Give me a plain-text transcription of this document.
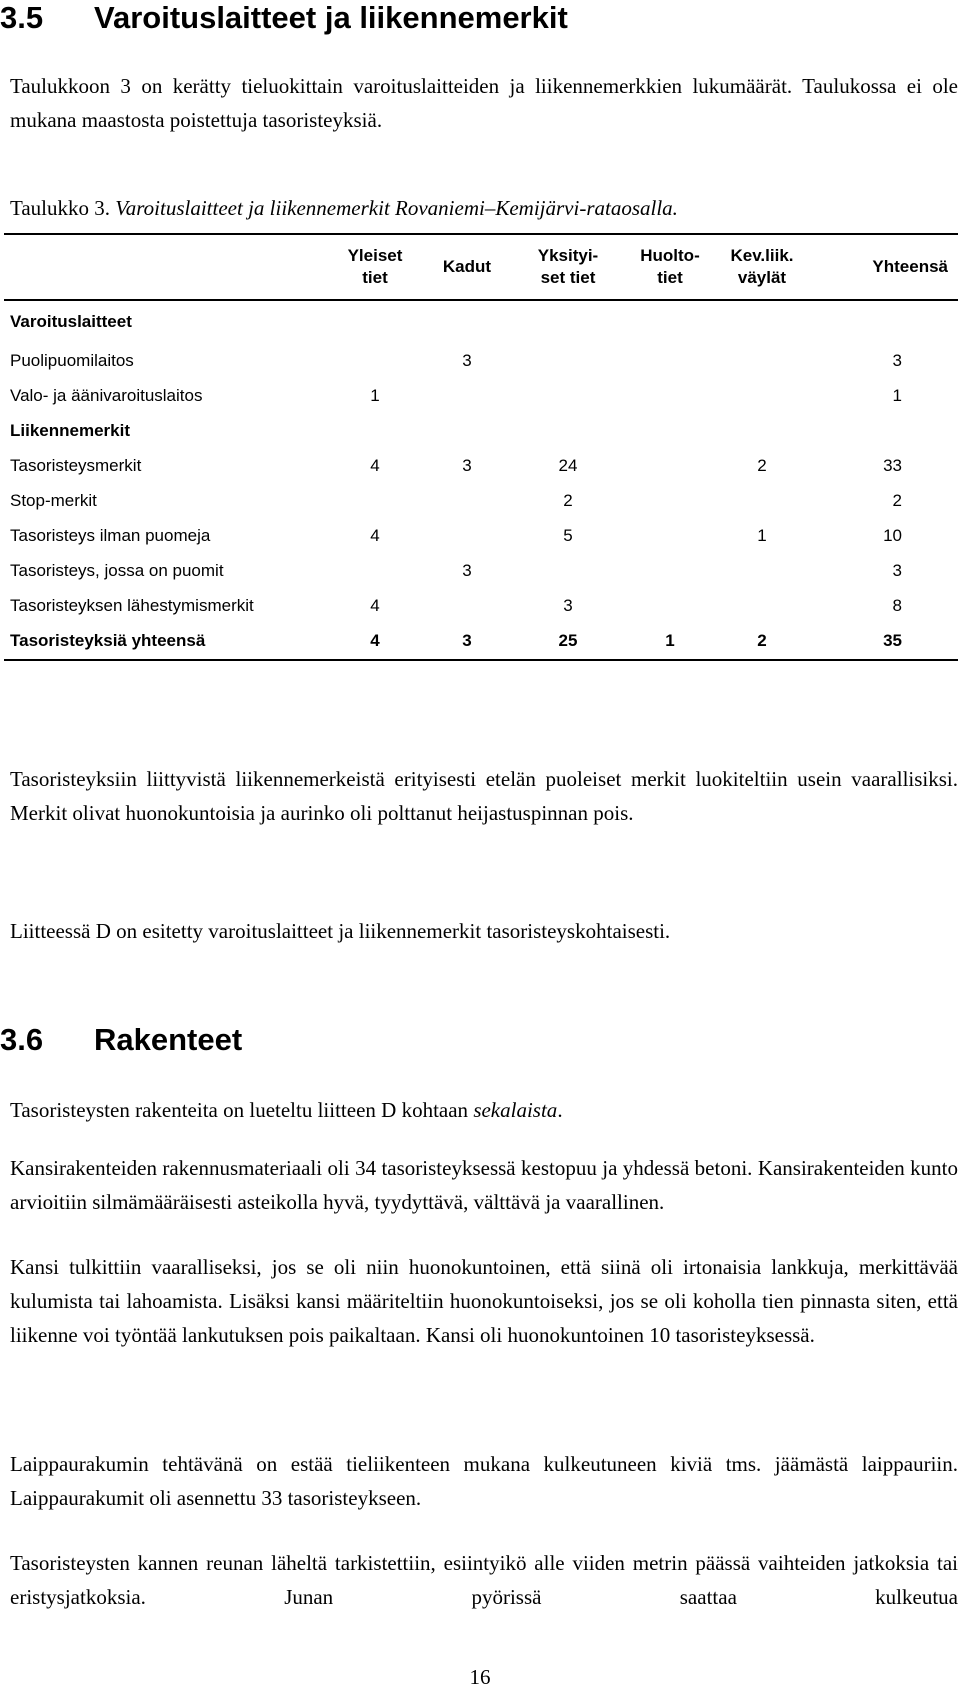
3.5 Varoituslaitteet ja liikennemerkit

Taulukkoon 3 on kerätty tieluokittain varoituslaitteiden ja liikennemerkkien lukumäärät. Taulukossa ei ole mukana maastosta poistettuja tasoristeyksiä.

Taulukko 3. Varoituslaitteet ja liikennemerkit Rovaniemi–Kemijärvi-rataosalla.

	Yleiset tiet	Kadut	Yksityi- set tiet	Huolto- tiet	Kev.liik. väylät	Yhteensä
Varoituslaitteet						
Puolipuomilaitos		3				3
Valo- ja äänivaroituslaitos	1					1
Liikennemerkit						
Tasoristeysmerkit	4	3	24		2	33
Stop-merkit			2			2
Tasoristeys ilman puomeja	4		5		1	10
Tasoristeys, jossa on puomit		3				3
Tasoristeyksen lähestymismerkit	4		3			8
Tasoristeyksiä yhteensä	4	3	25	1	2	35

Tasoristeyksiin liittyvistä liikennemerkeistä erityisesti etelän puoleiset merkit luokiteltiin usein vaarallisiksi. Merkit olivat huonokuntoisia ja aurinko oli polttanut heijastuspinnan pois.

Liitteessä D on esitetty varoituslaitteet ja liikennemerkit tasoristeyskohtaisesti.

3.6 Rakenteet

Tasoristeysten rakenteita on lueteltu liitteen D kohtaan sekalaista.

Kansirakenteiden rakennusmateriaali oli 34 tasoristeyksessä kestopuu ja yhdessä betoni. Kansirakenteiden kunto arvioitiin silmämääräisesti asteikolla hyvä, tyydyttävä, välttävä ja vaarallinen.

Kansi tulkittiin vaaralliseksi, jos se oli niin huonokuntoinen, että siinä oli irtonaisia lankkuja, merkittävää kulumista tai lahoamista. Lisäksi kansi määriteltiin huonokuntoiseksi, jos se oli koholla tien pinnasta siten, että liikenne voi työntää lankutuksen pois paikaltaan. Kansi oli huonokuntoinen 10 tasoristeyksessä.

Laippaurakumin tehtävänä on estää tieliikenteen mukana kulkeutuneen kiviä tms. jäämästä laippauriin. Laippaurakumit oli asennettu 33 tasoristeykseen.

Tasoristeysten kannen reunan läheltä tarkistettiin, esiintyikö alle viiden metrin päässä vaihteiden jatkoksia tai eristysjatkoksia. Junan pyörissä saattaa kulkeutua

16
